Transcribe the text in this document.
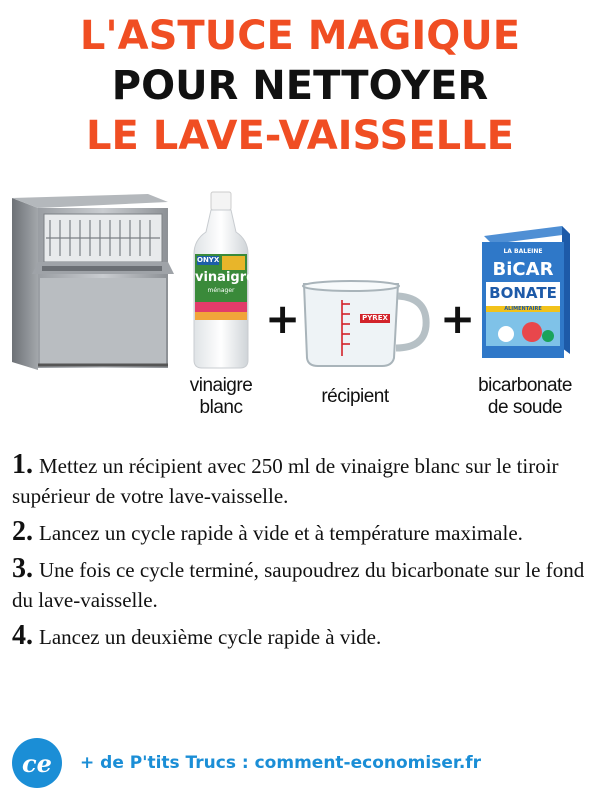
L'ASTUCE MAGIQUE
POUR NETTOYER
LE LAVE-VAISSELLE
ONYX
vinaigre
ménager
vinaigre
blanc
+	PYREX
récipient
+
LA BALEINE
BiCAR
BONATE
ALIMENTAIRE
bicarbonate
de soude
1. Mettez un récipient avec 250 ml de vinaigre blanc sur le tiroir supérieur de votre lave-vaisselle.
2. Lancez un cycle rapide à vide et à température maximale.
3. Une fois ce cycle terminé, saupoudrez du bicarbonate sur le fond du lave-vaisselle.
4. Lancez un deuxième cycle rapide à vide.
ce + de P'tits Trucs : comment-economiser.fr
